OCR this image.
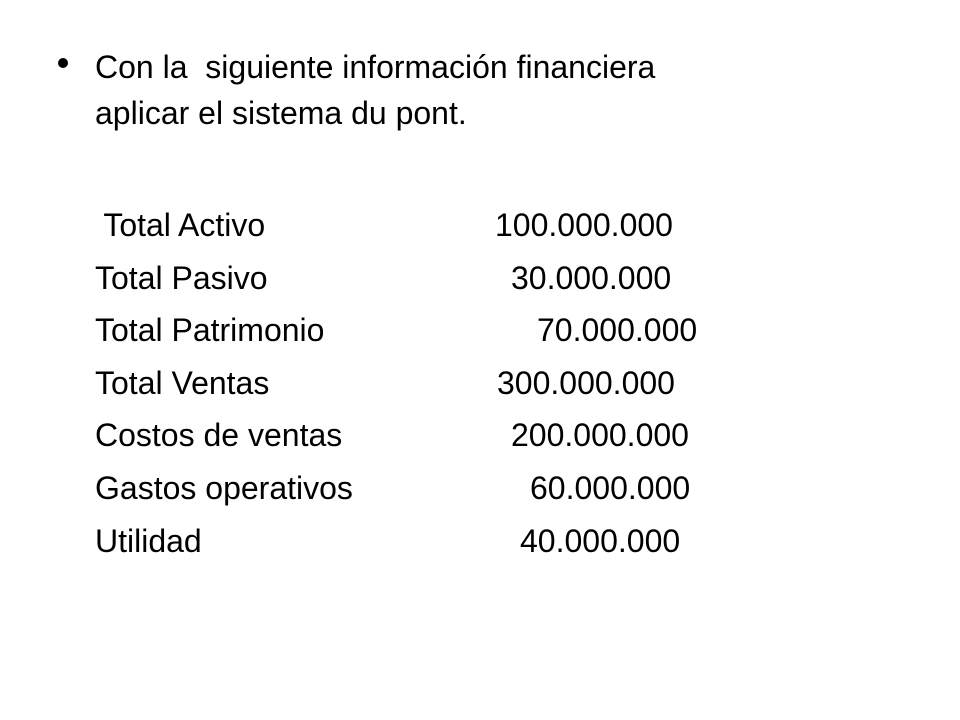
Con la  siguiente información financiera
aplicar el sistema du pont.
Total Activo	100.000.000
Total Pasivo	30.000.000
Total Patrimonio	70.000.000
Total Ventas	300.000.000
Costos de ventas	200.000.000
Gastos operativos	60.000.000
Utilidad	40.000.000
